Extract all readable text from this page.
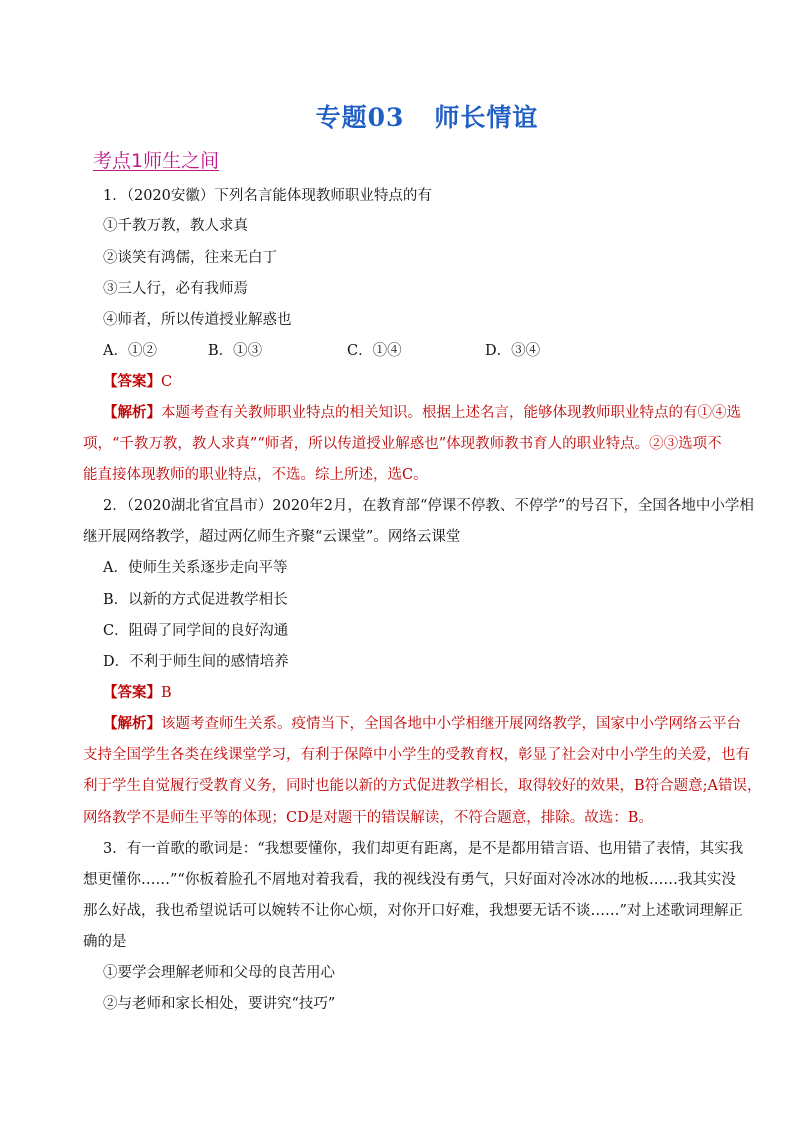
专题03 师长情谊
考点1师生之间
1．（2020安徽）下列名言能体现教师职业特点的有
①千教万教，教人求真
②谈笑有鸿儒，往来无白丁
③三人行，必有我师焉
④师者，所以传道授业解惑也
A．①②	B．①③	C．①④	D．③④
【答案】C
【解析】本题考查有关教师职业特点的相关知识。根据上述名言，能够体现教师职业特点的有①④选
项，“千教万教，教人求真”“师者，所以传道授业解惑也”体现教师教书育人的职业特点。②③选项不
能直接体现教师的职业特点，不选。综上所述，选C。
2．（2020湖北省宜昌市）2020年2月，在教育部“停课不停教、不停学”的号召下，全国各地中小学相
继开展网络教学，超过两亿师生齐聚“云课堂”。网络云课堂
A．使师生关系逐步走向平等
B．以新的方式促进教学相长
C．阻碍了同学间的良好沟通
D．不利于师生间的感情培养
【答案】B
【解析】该题考查师生关系。疫情当下，全国各地中小学相继开展网络教学，国家中小学网络云平台
支持全国学生各类在线课堂学习，有利于保障中小学生的受教育权，彰显了社会对中小学生的关爱，也有
利于学生自觉履行受教育义务，同时也能以新的方式促进教学相长，取得较好的效果，B符合题意;A错误，
网络教学不是师生平等的体现；CD是对题干的错误解读，不符合题意，排除。故选：B。
3．有一首歌的歌词是：“我想要懂你，我们却更有距离，是不是都用错言语、也用错了表情，其实我
想更懂你……”“你板着脸孔不屑地对着我看，我的视线没有勇气，只好面对冷冰冰的地板……我其实没
那么好战，我也希望说话可以婉转不让你心烦，对你开口好难，我想要无话不谈……”对上述歌词理解正
确的是
①要学会理解老师和父母的良苦用心
②与老师和家长相处，要讲究“技巧”
